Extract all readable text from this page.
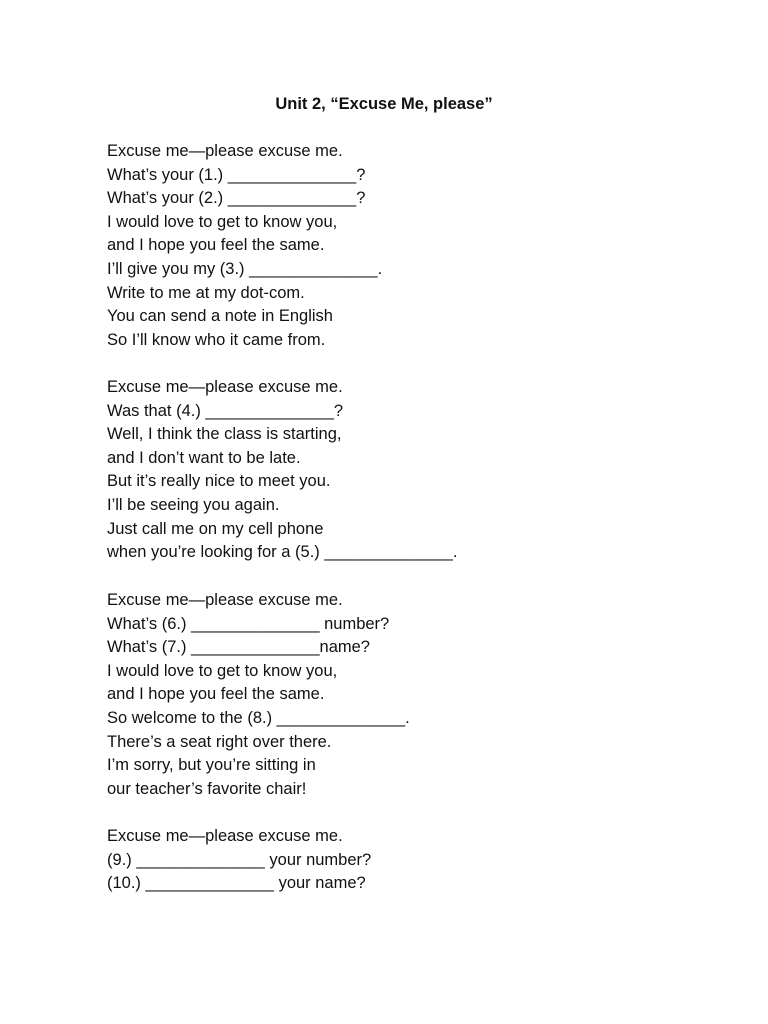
Unit 2, “Excuse Me, please”
Excuse me—please excuse me.
What’s your (1.) ______________?
What’s your (2.) ______________?
I would love to get to know you,
and I hope you feel the same.
I’ll give you my (3.) ______________.
Write to me at my dot-com.
You can send a note in English
So I’ll know who it came from.
Excuse me—please excuse me.
Was that (4.) ______________?
Well, I think the class is starting,
and I don’t want to be late.
But it’s really nice to meet you.
I’ll be seeing you again.
Just call me on my cell phone
when you’re looking for a (5.) ______________.
Excuse me—please excuse me.
What’s (6.) ______________ number?
What’s (7.) ______________name?
I would love to get to know you,
and I hope you feel the same.
So welcome to the (8.) ______________.
There’s a seat right over there.
I’m sorry, but you’re sitting in
our teacher’s favorite chair!
Excuse me—please excuse me.
(9.) ______________ your number?
(10.) ______________ your name?
